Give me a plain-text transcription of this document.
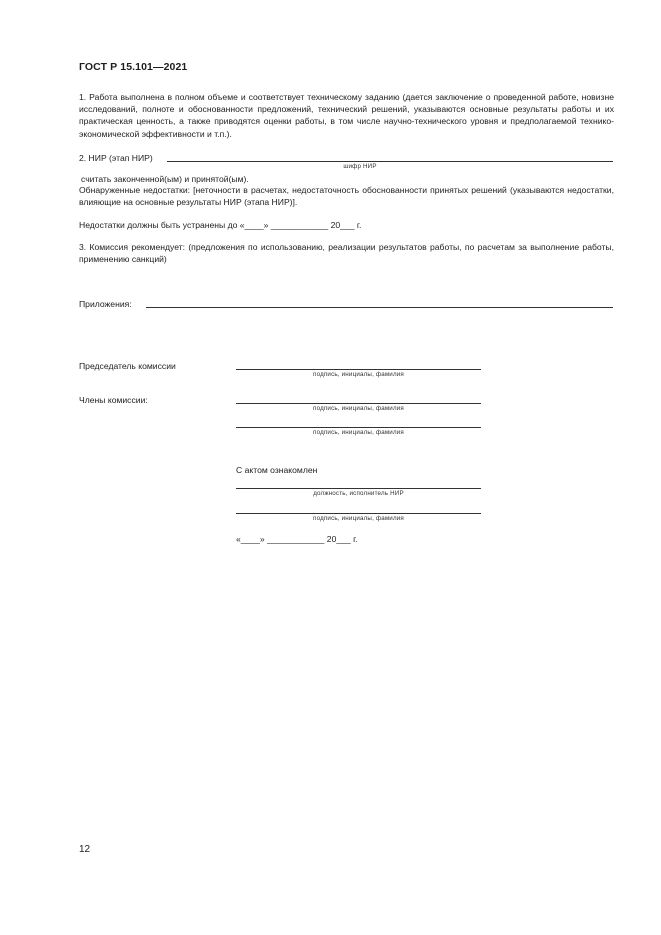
ГОСТ Р 15.101—2021
1. Работа выполнена в полном объеме и соответствует техническому заданию (дается заключение о проведенной работе, новизне исследований, полноте и обоснованности предложений, технический решений, указываются основные результаты работы и их практическая ценность, а также приводятся оценки работы, в том числе научно-технического уровня и предполагаемой технико-экономической эффективности и т.п.).
2. НИР (этап НИР)
шифр НИР
считать законченной(ым) и принятой(ым).
Обнаруженные недостатки: [неточности в расчетах, недостаточность обоснованности принятых решений (указываются недостатки, влияющие на основные результаты НИР (этапа НИР)].
Недостатки должны быть устранены до «____» ____________ 20___ г.
3. Комиссия рекомендует: (предложения по использованию, реализации результатов работы, по расчетам за выполнение работы, применению санкций)
Приложения:
Председатель комиссии
подпись, инициалы, фамилия
Члены комиссии:
подпись, инициалы, фамилия
подпись, инициалы, фамилия
С актом ознакомлен
должность, исполнитель НИР
подпись, инициалы, фамилия
«____» ____________ 20___ г.
12
